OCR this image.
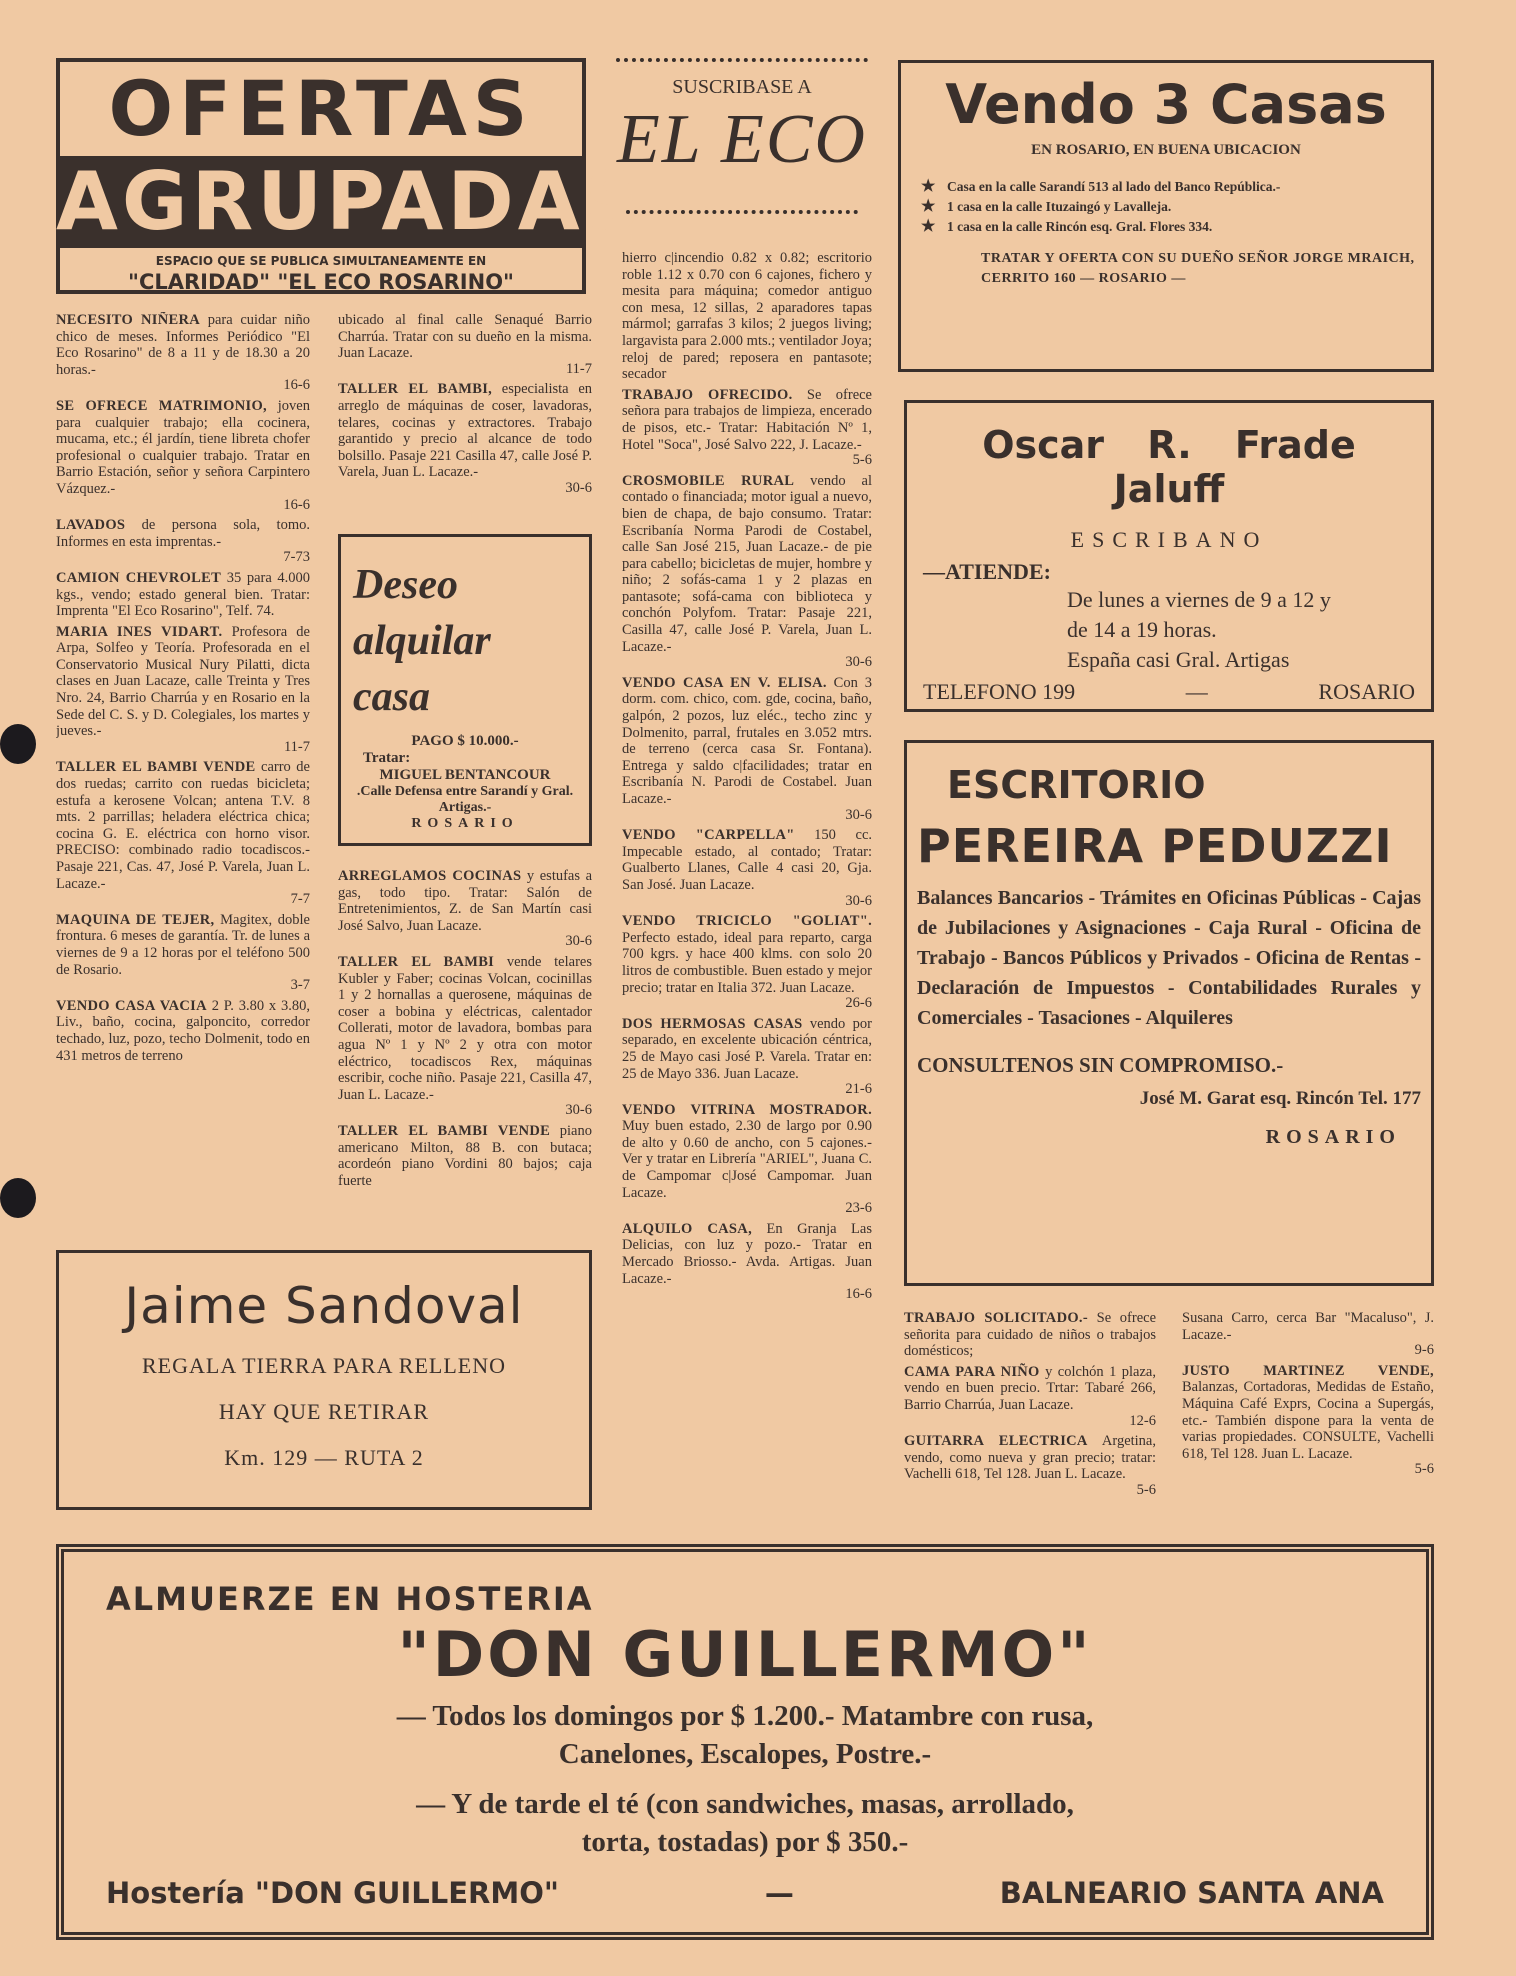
OFERTAS
AGRUPADAS
ESPACIO QUE SE PUBLICA SIMULTANEAMENTE EN
"CLARIDAD" "EL ECO ROSARINO"

NECESITO NIÑERA para cuidar niño chico de meses. Informes Periódico "El Eco Rosarino" de 8 a 11 y de 18.30 a 20 horas.-
16-6

SE OFRECE MATRIMONIO, joven para cualquier trabajo; ella cocinera, mucama, etc.; él jardín, tiene libreta chofer profesional o cualquier trabajo. Tratar en Barrio Estación, señor y señora Carpintero Vázquez.-
16-6

LAVADOS de persona sola, tomo. Informes en esta imprentas.-
7-73

CAMION CHEVROLET 35 para 4.000 kgs., vendo; estado general bien. Tratar: Imprenta "El Eco Rosarino", Telf. 74.

MARIA INES VIDART. Profesora de Arpa, Solfeo y Teoría. Profesorada en el Conservatorio Musical Nury Pilatti, dicta clases en Juan Lacaze, calle Treinta y Tres Nro. 24, Barrio Charrúa y en Rosario en la Sede del C. S. y D. Colegiales, los martes y jueves.-
11-7

TALLER EL BAMBI VENDE carro de dos ruedas; carrito con ruedas bicicleta; estufa a kerosene Volcan; antena T.V. 8 mts. 2 parrillas; heladera eléctrica chica; cocina G. E. eléctrica con horno visor. PRECISO: combinado radio tocadiscos.- Pasaje 221, Cas. 47, José P. Varela, Juan L. Lacaze.-
7-7

MAQUINA DE TEJER, Magitex, doble frontura. 6 meses de garantía. Tr. de lunes a viernes de 9 a 12 horas por el teléfono 500 de Rosario.
3-7

VENDO CASA VACIA 2 P. 3.80 x 3.80, Liv., baño, cocina, galponcito, corredor techado, luz, pozo, techo Dolmenit, todo en 431 metros de terreno

ubicado al final calle Senaqué Barrio Charrúa. Tratar con su dueño en la misma. Juan Lacaze.
11-7

TALLER EL BAMBI, especialista en arreglo de máquinas de coser, lavadoras, telares, cocinas y extractores. Trabajo garantido y precio al alcance de todo bolsillo. Pasaje 221 Casilla 47, calle José P. Varela, Juan L. Lacaze.-
30-6

Deseo
alquilar
casa
PAGO $ 10.000.-
Tratar:
MIGUEL BENTANCOUR
.Calle Defensa entre Sarandí y Gral. Artigas.-
ROSARIO

ARREGLAMOS COCINAS y estufas a gas, todo tipo. Tratar: Salón de Entretenimientos, Z. de San Martín casi José Salvo, Juan Lacaze.
30-6

TALLER EL BAMBI vende telares Kubler y Faber; cocinas Volcan, cocinillas 1 y 2 hornallas a querosene, máquinas de coser a bobina y eléctricas, calentador Collerati, motor de lavadora, bombas para agua Nº 1 y Nº 2 y otra con motor eléctrico, tocadiscos Rex, máquinas escribir, coche niño. Pasaje 221, Casilla 47, Juan L. Lacaze.-
30-6

TALLER EL BAMBI VENDE piano americano Milton, 88 B. con butaca; acordeón piano Vordini 80 bajos; caja fuerte

SUSCRIBASE A
EL ECO

hierro c|incendio 0.82 x 0.82; escritorio roble 1.12 x 0.70 con 6 cajones, fichero y mesita para máquina; comedor antiguo con mesa, 12 sillas, 2 aparadores tapas mármol; garrafas 3 kilos; 2 juegos living; largavista para 2.000 mts.; ventilador Joya; reloj de pared; reposera en pantasote; secador

TRABAJO OFRECIDO. Se ofrece señora para trabajos de limpieza, encerado de pisos, etc.- Tratar: Habitación Nº 1, Hotel "Soca", José Salvo 222, J. Lacaze.-
5-6

CROSMOBILE RURAL vendo al contado o financiada; motor igual a nuevo, bien de chapa, de bajo consumo. Tratar: Escribanía Norma Parodi de Costabel, calle San José 215, Juan Lacaze.- de pie para cabello; bicicletas de mujer, hombre y niño; 2 sofás-cama 1 y 2 plazas en pantasote; sofá-cama con biblioteca y conchón Polyfom. Tratar: Pasaje 221, Casilla 47, calle José P. Varela, Juan L. Lacaze.-
30-6

VENDO CASA EN V. ELISA. Con 3 dorm. com. chico, com. gde, cocina, baño, galpón, 2 pozos, luz eléc., techo zinc y Dolmenito, parral, frutales en 3.052 mtrs. de terreno (cerca casa Sr. Fontana). Entrega y saldo c|facilidades; tratar en Escribanía N. Parodi de Costabel. Juan Lacaze.-
30-6

VENDO "CARPELLA" 150 cc. Impecable estado, al contado; Tratar: Gualberto Llanes, Calle 4 casi 20, Gja. San José. Juan Lacaze.
30-6

VENDO TRICICLO "GOLIAT". Perfecto estado, ideal para reparto, carga 700 kgrs. y hace 400 klms. con solo 20 litros de combustible. Buen estado y mejor precio; tratar en Italia 372. Juan Lacaze.
26-6

DOS HERMOSAS CASAS vendo por separado, en excelente ubicación céntrica, 25 de Mayo casi José P. Varela. Tratar en: 25 de Mayo 336. Juan Lacaze.
21-6

VENDO VITRINA MOSTRADOR. Muy buen estado, 2.30 de largo por 0.90 de alto y 0.60 de ancho, con 5 cajones.- Ver y tratar en Librería "ARIEL", Juana C. de Campomar c|José Campomar. Juan Lacaze.
23-6

ALQUILO CASA, En Granja Las Delicias, con luz y pozo.- Tratar en Mercado Briosso.- Avda. Artigas. Juan Lacaze.-
16-6

Vendo 3 Casas
EN ROSARIO, EN BUENA UBICACION
★ Casa en la calle Sarandí 513 al lado del Banco República.-
★ 1 casa en la calle Ituzaingó y Lavalleja.
★ 1 casa en la calle Rincón esq. Gral. Flores 334.
TRATAR Y OFERTA CON SU DUEÑO SEÑOR JORGE MRAICH, CERRITO 160 — ROSARIO —
Oscar R. Frade Jaluff
ESCRIBANO
—ATIENDE:
De lunes a viernes de 9 a 12 y
de 14 a 19 horas.
España casi Gral. Artigas
TELEFONO 199	—	ROSARIO
ESCRITORIO
PEREIRA PEDUZZI
Balances Bancarios - Trámites en Oficinas Públicas - Cajas de Jubilaciones y Asignaciones - Caja Rural - Oficina de Trabajo - Bancos Públicos y Privados - Oficina de Rentas - Declaración de Impuestos - Contabilidades Rurales y Comerciales - Tasaciones - Alquileres
CONSULTENOS SIN COMPROMISO.-
José M. Garat esq. Rincón Tel. 177
ROSARIO

TRABAJO SOLICITADO.- Se ofrece señorita para cuidado de niños o trabajos domésticos;

CAMA PARA NIÑO y colchón 1 plaza, vendo en buen precio. Trtar: Tabaré 266, Barrio Charrúa, Juan Lacaze.
12-6

GUITARRA ELECTRICA Argetina, vendo, como nueva y gran precio; tratar: Vachelli 618, Tel 128. Juan L. Lacaze.
5-6

Susana Carro, cerca Bar "Macaluso", J. Lacaze.-
9-6

JUSTO MARTINEZ VENDE, Balanzas, Cortadoras, Medidas de Estaño, Máquina Café Exprs, Cocina a Supergás, etc.- También dispone para la venta de varias propiedades. CONSULTE, Vachelli 618, Tel 128. Juan L. Lacaze.
5-6

Jaime Sandoval
REGALA TIERRA PARA RELLENO
HAY QUE RETIRAR
Km. 129 — RUTA 2
ALMUERZE EN HOSTERIA
"DON GUILLERMO"
— Todos los domingos por $ 1.200.- Matambre con rusa,
Canelones, Escalopes, Postre.-
— Y de tarde el té (con sandwiches, masas, arrollado,
torta, tostadas) por $ 350.-
Hostería "DON GUILLERMO"	—	BALNEARIO SANTA ANA
